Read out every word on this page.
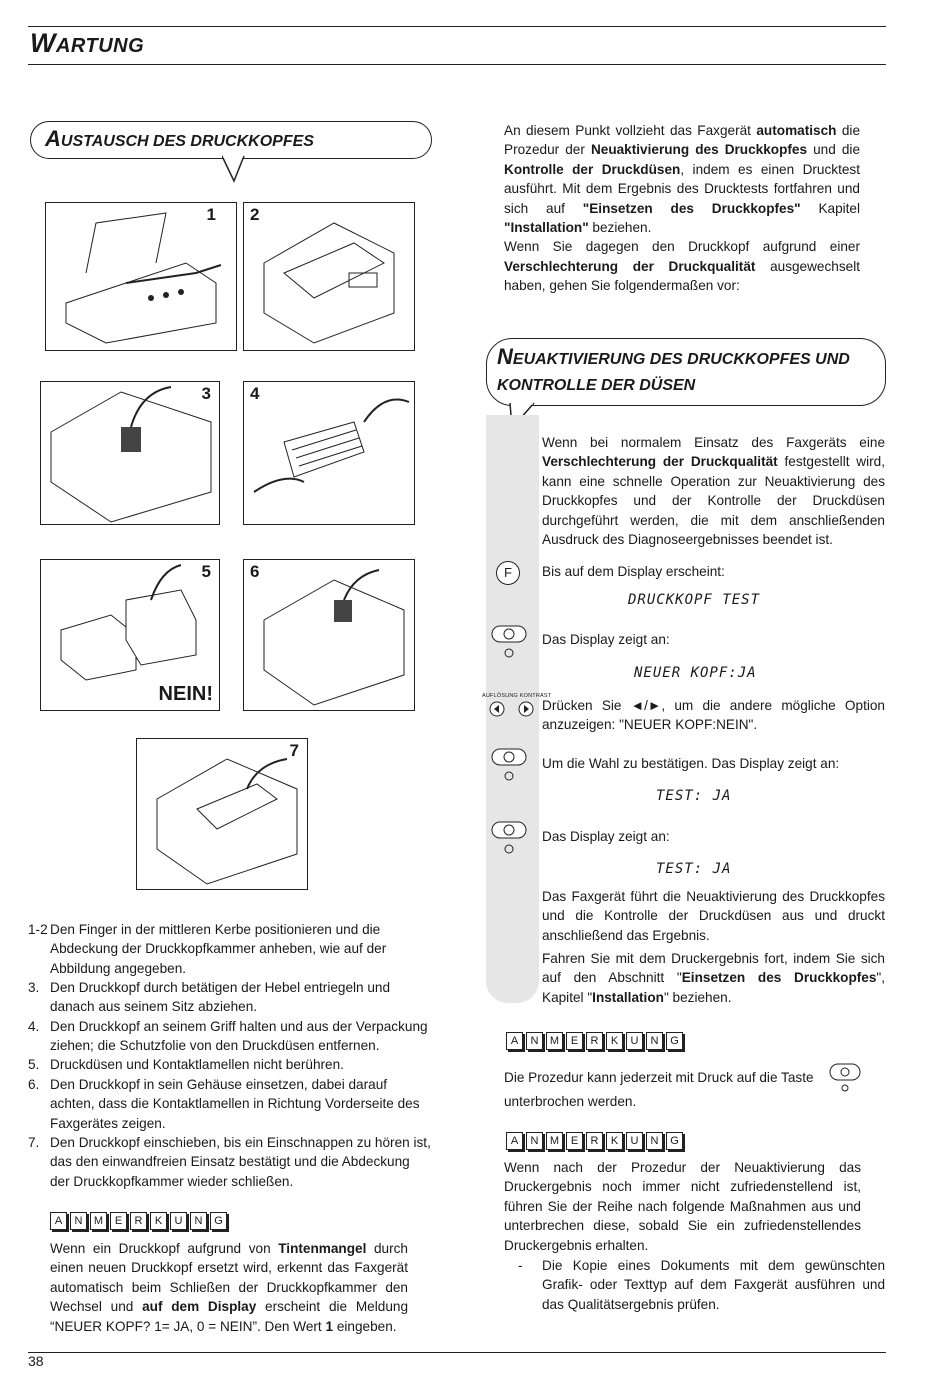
WARTUNG
AUSTAUSCH DES DRUCKKOPFES
An diesem Punkt vollzieht das Faxgerät automatisch die Prozedur der Neuaktivierung des Druckkopfes und die Kontrolle der Druckdüsen, indem es einen Drucktest ausführt. Mit dem Ergebnis des Drucktests fortfahren und sich auf "Einsetzen des Druckkopfes" Kapitel "Installation" beziehen.
Wenn Sie dagegen den Druckkopf aufgrund einer Verschlechterung der Druckqualität ausgewechselt haben, gehen Sie folgendermaßen vor:
1 2
3 4
5
NEIN!
6
7
NEUAKTIVIERUNG DES DRUCKKOPFES UND
KONTROLLE DER DÜSEN
Wenn bei normalem Einsatz des Faxgeräts eine Verschlechterung der Druckqualität festgestellt wird, kann eine schnelle Operation zur Neuaktivierung des Druckkopfes und der Kontrolle der Druckdüsen durchgeführt werden, die mit dem anschließenden Ausdruck des Diagnoseergebnisses beendet ist.
F	Bis auf dem Display erscheint:
DRUCKKOPF TEST
Das Display zeigt an:
NEUER KOPF:JA
AUFLÖSUNG KONTRAST
Drücken Sie ◄/►, um die andere mögliche Option anzuzeigen: "NEUER KOPF:NEIN".
Um die Wahl zu bestätigen. Das Display zeigt an:
TEST: JA
Das Display zeigt an:
TEST: JA
Das Faxgerät führt die Neuaktivierung des Druckkopfes und die Kontrolle der Druckdüsen aus und druckt anschließend das Ergebnis.
Fahren Sie mit dem Druckergebnis fort, indem Sie sich auf den Abschnitt "Einsetzen des Druckkopfes", Kapitel "Installation" beziehen.
A	N	M	E	R	K	U	N	G
Die Prozedur kann jederzeit mit Druck auf die Taste
unterbrochen werden.
A	N	M	E	R	K	U	N	G
Wenn nach der Prozedur der Neuaktivierung das Druckergebnis noch immer nicht zufriedenstellend ist, führen Sie der Reihe nach folgende Maßnahmen aus und unterbrechen diese, sobald Sie ein zufriedenstellendes Druckergebnis erhalten.
- Die Kopie eines Dokuments mit dem gewünschten Grafik- oder Texttyp auf dem Faxgerät ausführen und das Qualitätsergebnis prüfen.
1-2 Den Finger in der mittleren Kerbe positionieren und die Abdeckung der Druckkopfkammer anheben, wie auf der Abbildung angegeben.
3. Den Druckkopf durch betätigen der Hebel entriegeln und danach aus seinem Sitz abziehen.
4. Den Druckkopf an seinem Griff halten und aus der Verpackung ziehen; die Schutzfolie von den Druckdüsen entfernen.
5. Druckdüsen und Kontaktlamellen nicht berühren.
6. Den Druckkopf in sein Gehäuse einsetzen, dabei darauf achten, dass die Kontaktlamellen in Richtung Vorderseite des Faxgerätes zeigen.
7. Den Druckkopf einschieben, bis ein Einschnappen zu hören ist, das den einwandfreien Einsatz bestätigt und die Abdeckung der Druckkopfkammer wieder schließen.
A	N	M	E	R	K	U	N	G
Wenn ein Druckkopf aufgrund von Tintenmangel durch einen neuen Druckkopf ersetzt wird, erkennt das Faxgerät automatisch beim Schließen der Druckkopfkammer den Wechsel und auf dem Display erscheint die Meldung “NEUER KOPF? 1= JA, 0 = NEIN”. Den Wert 1 eingeben.
38
